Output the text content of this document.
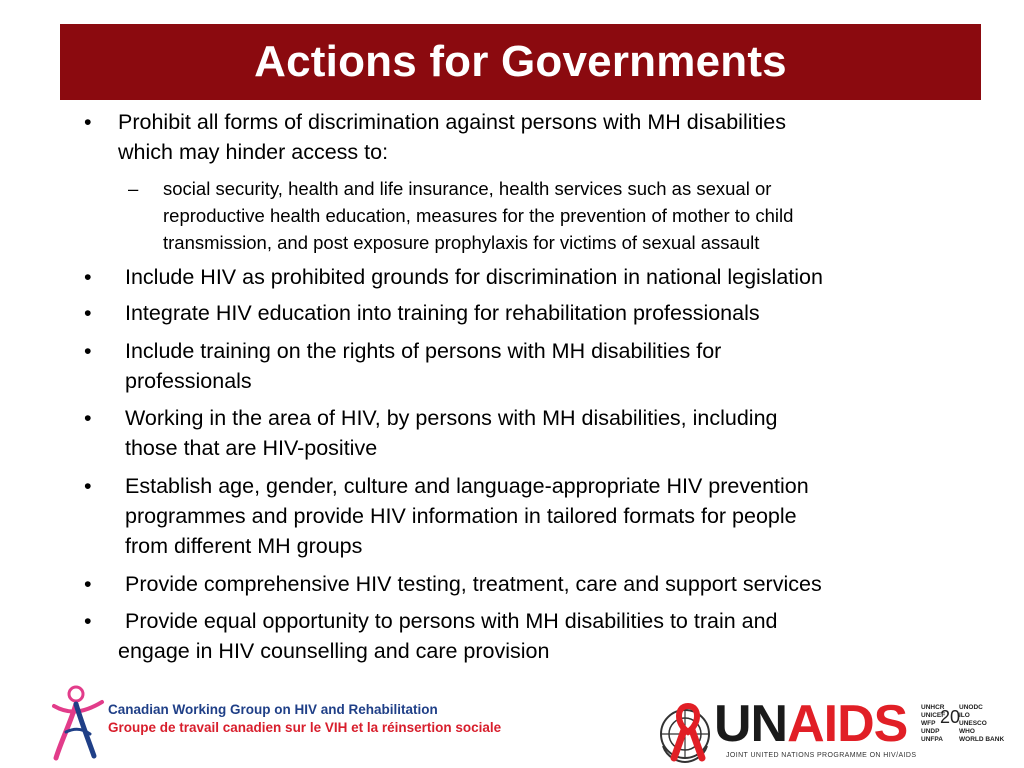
Actions for Governments
•	Prohibit all forms of discrimination against persons with MH disabilities
which may hinder access to:
–	social security, health and life insurance, health services such as sexual or
reproductive health education, measures for the prevention of mother to child
transmission, and post exposure prophylaxis for victims of sexual assault
•	Include HIV as prohibited grounds for discrimination in national legislation
•	Integrate HIV education into training for rehabilitation professionals
•	Include training on the rights of persons with MH disabilities for
professionals
•	Working in the area of HIV, by persons with MH disabilities, including
those that are HIV-positive
•	Establish age, gender, culture and language-appropriate HIV prevention
programmes and provide HIV information in tailored formats for people
from different MH groups
•	Provide comprehensive HIV testing, treatment, care and support services
•	Provide equal opportunity to persons with MH disabilities to train and
engage in HIV counselling and care provision
Canadian Working Group on HIV and Rehabilitation
Groupe de travail canadien sur le VIH et la réinsertion sociale	UNAIDS
JOINT UNITED NATIONS PROGRAMME ON HIV/AIDS
UNHCR
UNICEF
WFP
UNDP
UNFPA
UNODC
ILO
UNESCO
WHO
WORLD BANK
20
